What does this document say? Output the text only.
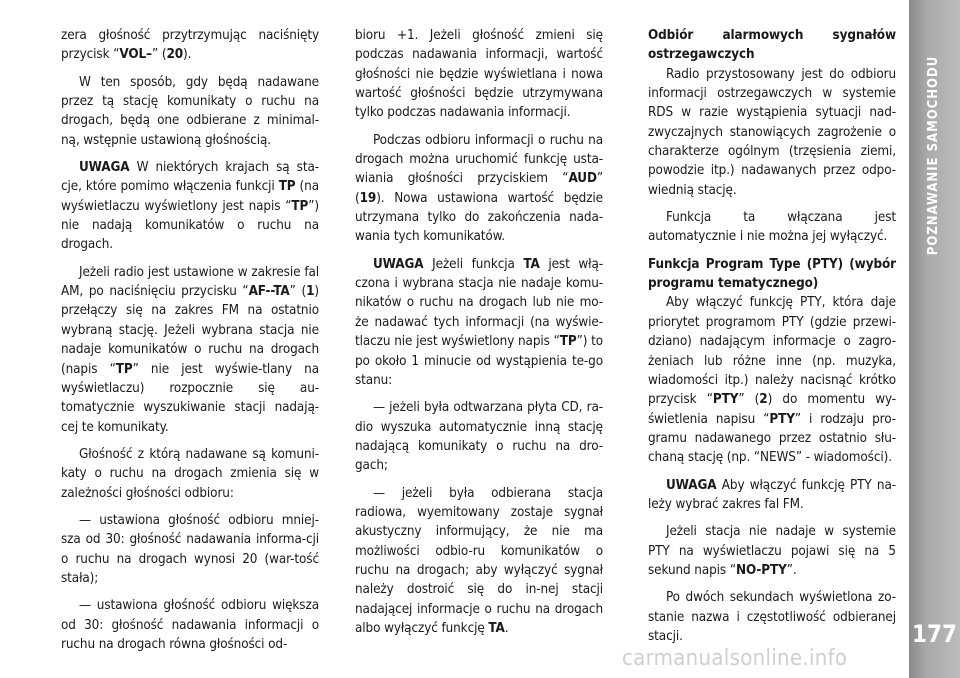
zera głośność przytrzymując naciśnięty przycisk “VOL–” (20).

W ten sposób, gdy będą nadawane przez tą stację komunikaty o ruchu na drogach, będą one odbierane z minimal-ną, wstępnie ustawioną głośnością.

UWAGA W niektórych krajach są sta-cje, które pomimo włączenia funkcji TP (na wyświetlaczu wyświetlony jest napis “TP”) nie nadają komunikatów o ruchu na drogach.

Jeżeli radio jest ustawione w zakresie fal AM, po naciśnięciu przycisku “AF--TA” (1) przełączy się na zakres FM na ostatnio wybraną stację. Jeżeli wybrana stacja nie nadaje komunikatów o ruchu na drogach (napis “TP” nie jest wyświe-tlany na wyświetlaczu) rozpocznie się au-tomatycznie wyszukiwanie stacji nadają-cej te komunikaty.

Głośność z którą nadawane są komuni-katy o ruchu na drogach zmienia się w zależności głośności odbioru:

— ustawiona głośność odbioru mniej-sza od 30: głośność nadawania informa-cji o ruchu na drogach wynosi 20 (war-tość stała);

— ustawiona głośność odbioru większa od 30: głośność nadawania informacji o ruchu na drogach równa głośności od-

bioru +1. Jeżeli głośność zmieni się podczas nadawania informacji, wartość głośności nie będzie wyświetlana i nowa wartość głośności będzie utrzymywana tylko podczas nadawania informacji.

Podczas odbioru informacji o ruchu na drogach można uruchomić funkcję usta-wiania głośności przyciskiem “AUD” (19). Nowa ustawiona wartość będzie utrzymana tylko do zakończenia nada-wania tych komunikatów.

UWAGA Jeżeli funkcja TA jest włą-czona i wybrana stacja nie nadaje komu-nikatów o ruchu na drogach lub nie mo-że nadawać tych informacji (na wyświe-tlaczu nie jest wyświetlony napis “TP”) to po około 1 minucie od wystąpienia te-go stanu:

— jeżeli była odtwarzana płyta CD, ra-dio wyszuka automatycznie inną stację nadającą komunikaty o ruchu na dro-gach;

— jeżeli była odbierana stacja radiowa, wyemitowany zostaje sygnał akustyczny informujący, że nie ma możliwości odbio-ru komunikatów o ruchu na drogach; aby wyłączyć sygnał należy dostroić się do in-nej stacji nadającej informacje o ruchu na drogach albo wyłączyć funkcję TA.

Odbiór alarmowych sygnałów ostrzegawczych

Radio przystosowany jest do odbioru informacji ostrzegawczych w systemie RDS w razie wystąpienia sytuacji nad-zwyczajnych stanowiących zagrożenie o charakterze ogólnym (trzęsienia ziemi, powodzie itp.) nadawanych przez odpo-wiednią stację.

Funkcja ta włączana jest automatycznie i nie można jej wyłączyć.

Funkcja Program Type (PTY) (wybór programu tematycznego)

Aby włączyć funkcję PTY, która daje priorytet programom PTY (gdzie przewi-dziano) nadającym informacje o zagro-żeniach lub różne inne (np. muzyka, wiadomości itp.) należy nacisnąć krótko przycisk “PTY” (2) do momentu wy-świetlenia napisu “PTY” i rodzaju pro-gramu nadawanego przez ostatnio słu-chaną stację (np. “NEWS” - wiadomości).

UWAGA Aby włączyć funkcję PTY na-leży wybrać zakres fal FM.

Jeżeli stacja nie nadaje w systemie PTY na wyświetlaczu pojawi się na 5 sekund napis “NO-PTY”.

Po dwóch sekundach wyświetlona zo-stanie nazwa i częstotliwość odbieranej stacji.

POZNAWANIE SAMOCHODU
177
carmanualsonline.info
